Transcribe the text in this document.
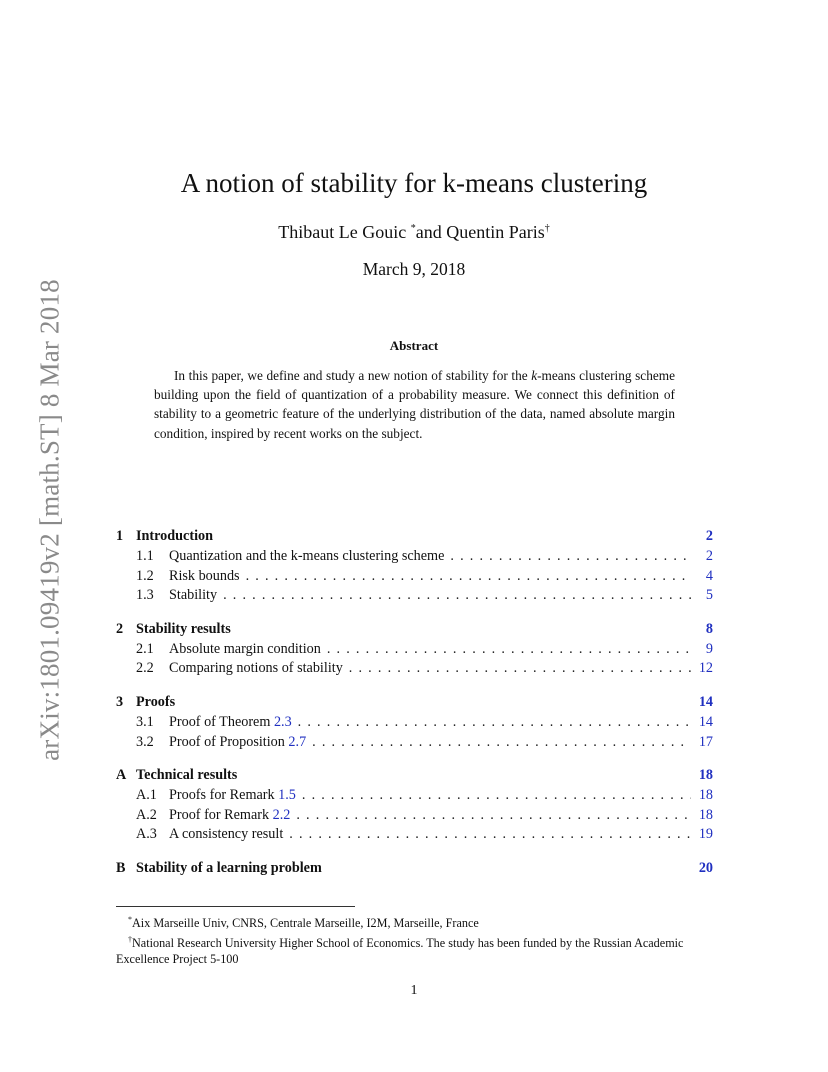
arXiv:1801.09419v2 [math.ST] 8 Mar 2018
A notion of stability for k-means clustering
Thibaut Le Gouic *and Quentin Paris†
March 9, 2018
Abstract

In this paper, we define and study a new notion of stability for the k-means clustering scheme building upon the field of quantization of a probability measure. We connect this definition of stability to a geometric feature of the underlying distribution of the data, named absolute margin condition, inspired by recent works on the subject.

1 Introduction	2
1.1	Quantization and the k-means clustering scheme . . .	2
1.2	Risk bounds . . .	4
1.3	Stability . . .	5
2 Stability results	8
2.1	Absolute margin condition . . .	9
2.2	Comparing notions of stability . . .	12
3 Proofs	14
3.1	Proof of Theorem 2.3 . . .	14
3.2	Proof of Proposition 2.7 . . .	17
A Technical results	18
A.1 Proofs for Remark 1.5 . . .	18
A.2 Proof for Remark 2.2 . . .	18
A.3 A consistency result . . .	19
B Stability of a learning problem	20
*Aix Marseille Univ, CNRS, Centrale Marseille, I2M, Marseille, France
†National Research University Higher School of Economics. The study has been funded by the Russian Academic Excellence Project 5-100
1
